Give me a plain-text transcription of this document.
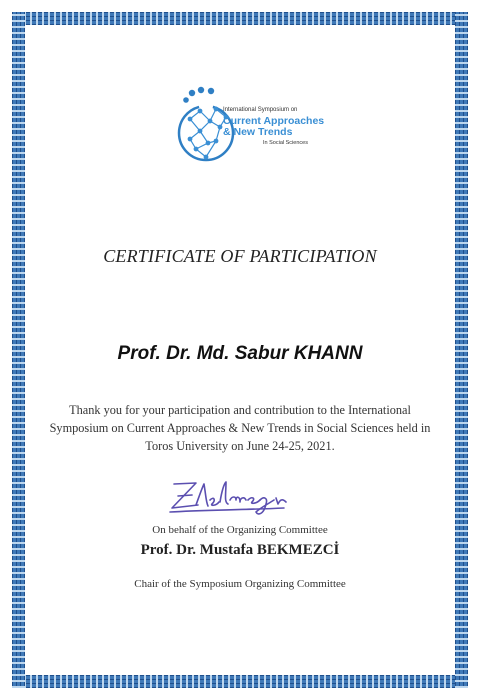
International Symposium on
Current Approaches
& New Trends
In Social Sciences
CERTIFICATE OF PARTICIPATION
Prof. Dr. Md. Sabur KHANN
Thank you for your participation and contribution to the International Symposium on Current Approaches & New Trends in Social Sciences held in Toros University on June 24-25, 2021.
On behalf of the Organizing Committee
Prof. Dr. Mustafa BEKMEZCİ
Chair of the Symposium Organizing Committee
